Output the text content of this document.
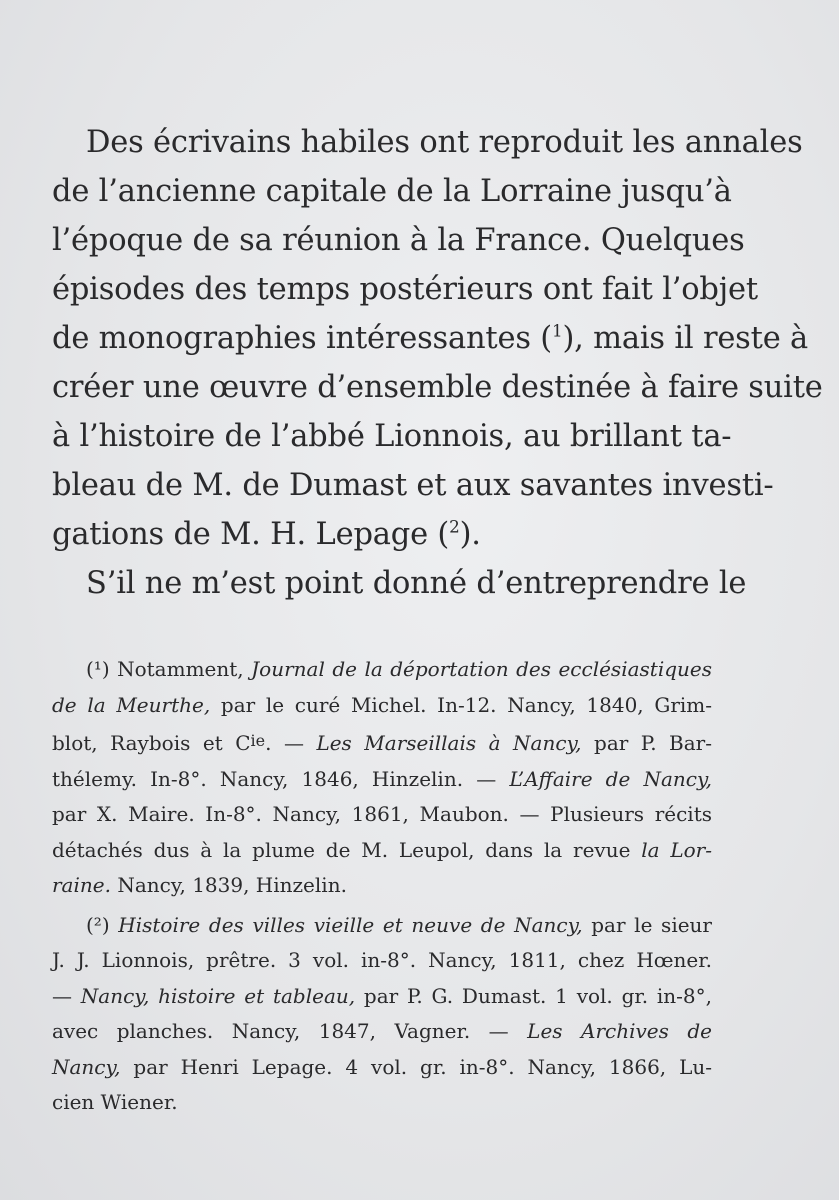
Des écrivains habiles ont reproduit les annales
de l’ancienne capitale de la Lorraine jusqu’à
l’époque de sa réunion à la France. Quelques
épisodes des temps postérieurs ont fait l’objet
de monographies intéressantes ($^1$), mais il reste à
créer une œuvre d’ensemble destinée à faire suite
à l’histoire de l’abbé Lionnois, au brillant ta-
bleau de M. de Dumast et aux savantes investi-
gations de M. H. Lepage ($^2$).
S’il ne m’est point donné d’entreprendre le
(¹) Notamment, Journal de la déportation des ecclésiastiques
de la Meurthe, par le curé Michel. In-12. Nancy, 1840, Grim-
blot, Raybois et $C^{ie}$. — Les Marseillais à Nancy, par P. Bar-
thélemy. In-8°. Nancy, 1846, Hinzelin. — L’Affaire de Nancy,
par X. Maire. In-8°. Nancy, 1861, Maubon. — Plusieurs récits
détachés dus à la plume de M. Leupol, dans la revue la Lor-
raine. Nancy, 1839, Hinzelin.
(²) Histoire des villes vieille et neuve de Nancy, par le sieur
J. J. Lionnois, prêtre. 3 vol. in-8°. Nancy, 1811, chez Hœner.
— Nancy, histoire et tableau, par P. G. Dumast. 1 vol. gr. in-8°,
avec planches. Nancy, 1847, Vagner. — Les Archives de
Nancy, par Henri Lepage. 4 vol. gr. in-8°. Nancy, 1866, Lu-
cien Wiener.
